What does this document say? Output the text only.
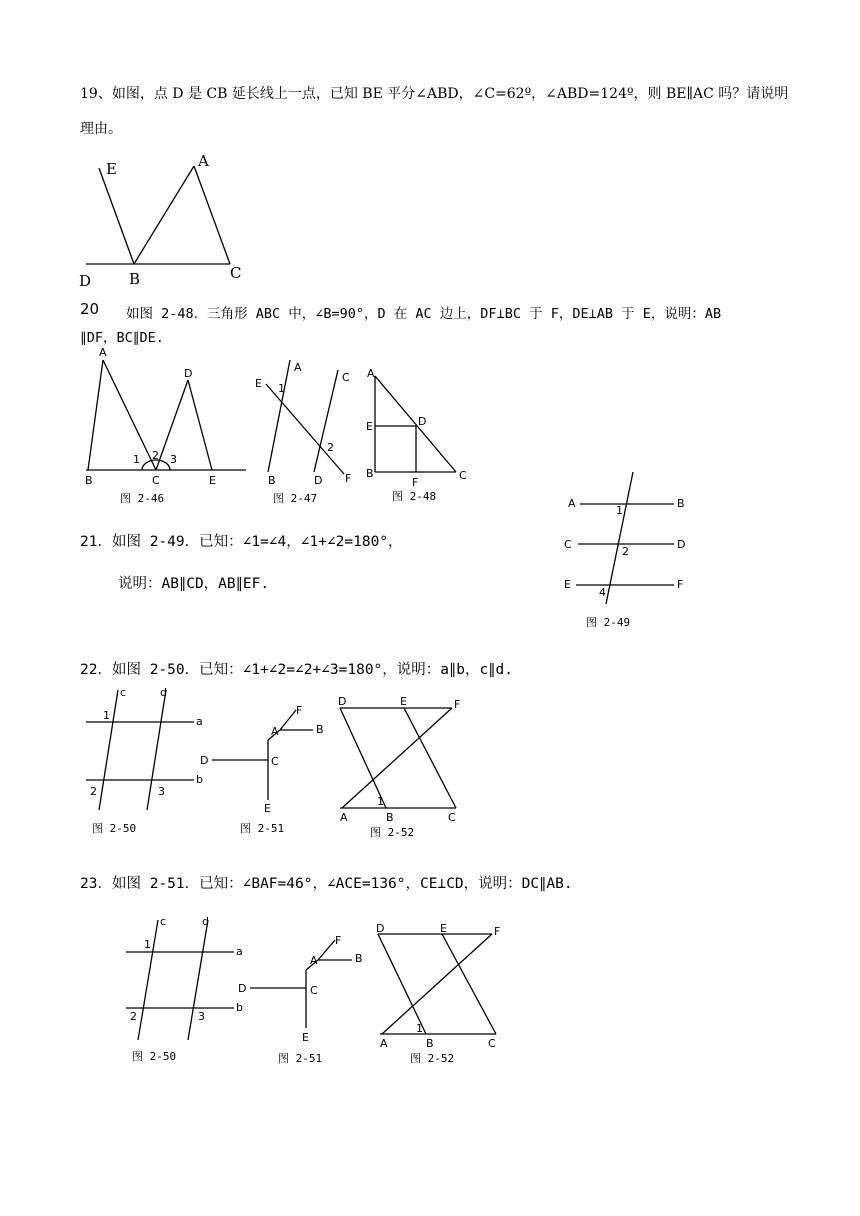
19、如图，点 D 是 CB 延长线上一点，已知 BE 平分∠ABD，∠C=62º，∠ABD=124º，则 BE∥AC 吗？请说明
理由。
20 如图 2-48．三角形 ABC 中，∠B=90°，D 在 AC 边上，DF⊥BC 于 F，DE⊥AB 于 E，说明：AB
∥DF，BC∥DE.
21．如图 2-49．已知：∠1=∠4，∠1+∠2=180°，
说明：AB∥CD，AB∥EF.
22．如图 2-50．已知：∠1+∠2=∠2+∠3=180°，说明：a∥b，c∥d.
23．如图 2-51．已知：∠BAF=46°，∠ACE=136°，CE⊥CD，说明：DC∥AB.
E	A
D	B	C
A
D
1 2 3
B	C	E
图 2-46
E 1
A
C
2
B	D F
图 2-47
A
E	D
B
F
C
图 2-48
A
1
B
C
2
D
E
4
F
图 2-49
c	d
1	a
2	3
b
图 2-50
F
A	B
D	C
E
图 2-51
D	E	F
1
A	B	C
图 2-52
c	d
1
a
2	3
b
图 2-50
F
A	B
D	C
E
图 2-51
D	E	F
1
A	B	C
图 2-52
